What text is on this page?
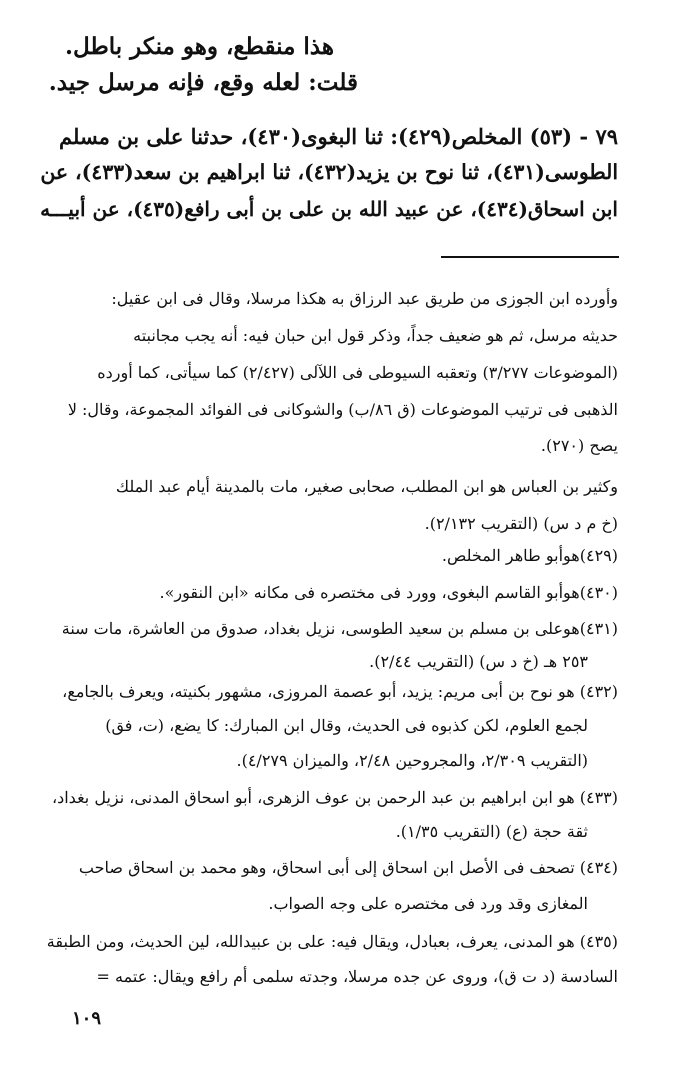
هذا منقطع، وهو منكر باطل.
قلت: لعله وقع، فإنه مرسل جيد.
٧٩ - (٥٣) المخلص(٤٢٩): ثنا البغوى(٤٣٠)، حدثنا على بن مسلم
الطوسى(٤٣١)، ثنا نوح بن يزيد(٤٣٢)، ثنا ابراهيم بن سعد(٤٣٣)، عن
ابن اسحاق(٤٣٤)، عن عبيد الله بن على بن أبى رافع(٤٣٥)، عن أبيـــه
وأورده ابن الجوزى من طريق عبد الرزاق به هكذا مرسلا، وقال فى ابن عقيل:
حديثه مرسل، ثم هو ضعيف جداً، وذكر قول ابن حبان فيه: أنه يجب مجانبته
(الموضوعات ٣/٢٧٧) وتعقبه السيوطى فى اللآلى (٢/٤٢٧) كما سيأتى، كما أورده
الذهبى فى ترتيب الموضوعات (ق ٨٦/ب) والشوكانى فى الفوائد المجموعة، وقال: لا
يصح (٢٧٠).
وكثير بن العباس هو ابن المطلب، صحابى صغير، مات بالمدينة أيام عبد الملك
(خ م د س) (التقريب ٢/١٣٢).
(٤٢٩)هوأبو طاهر المخلص.
(٤٣٠)هوأبو القاسم البغوى، وورد فى مختصره فى مكانه «ابن النقور».
(٤٣١)هوعلى بن مسلم بن سعيد الطوسى، نزيل بغداد، صدوق من العاشرة، مات سنة
٢٥٣ هـ (خ د س) (التقريب ٢/٤٤).
(٤٣٢) هو نوح بن أبى مريم: يزيد، أبو عصمة المروزى، مشهور بكنيته، ويعرف بالجامع،
لجمع العلوم، لكن كذبوه فى الحديث، وقال ابن المبارك: كا يضع، (ت، فق)
(التقريب ٢/٣٠٩، والمجروحين ٢/٤٨، والميزان ٤/٢٧٩).
(٤٣٣) هو ابن ابراهيم بن عبد الرحمن بن عوف الزهرى، أبو اسحاق المدنى، نزيل بغداد،
ثقة حجة (ع) (التقريب ١/٣٥).
(٤٣٤) تصحف فى الأصل ابن اسحاق إلى أبى اسحاق، وهو محمد بن اسحاق صاحب
المغازى وقد ورد فى مختصره على وجه الصواب.
(٤٣٥) هو المدنى، يعرف، بعبادل، ويقال فيه: على بن عبيدالله، لين الحديث، ومن الطبقة
السادسة (د ت ق)، وروى عن جده مرسلا، وجدته سلمى أم رافع ويقال: عتمه =
١٠٩
